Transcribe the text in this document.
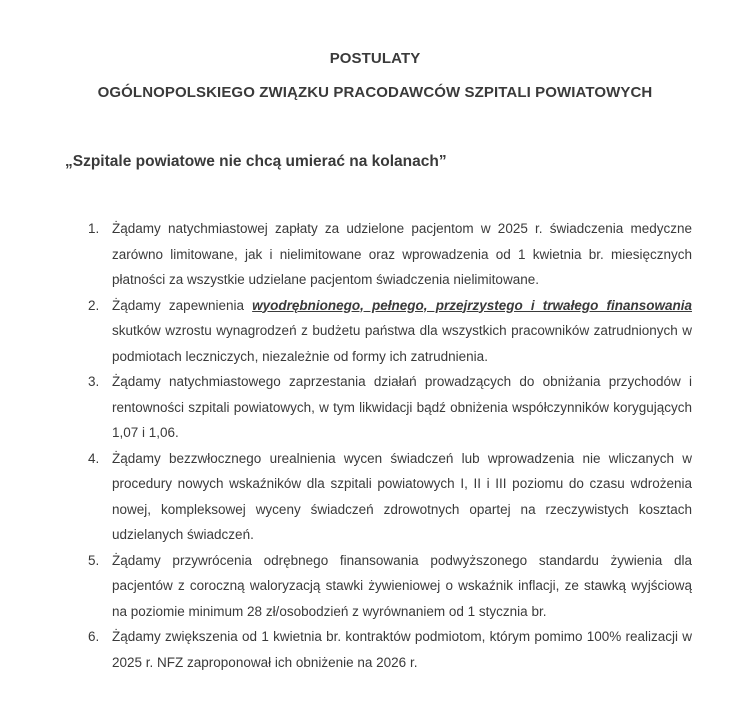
POSTULATY
OGÓLNOPOLSKIEGO ZWIĄZKU PRACODAWCÓW SZPITALI POWIATOWYCH
„Szpitale powiatowe nie chcą umierać na kolanach”
1. Żądamy natychmiastowej zapłaty za udzielone pacjentom w 2025 r. świadczenia medyczne zarówno limitowane, jak i nielimitowane oraz wprowadzenia od 1 kwietnia br. miesięcznych płatności za wszystkie udzielane pacjentom świadczenia nielimitowane.
2. Żądamy zapewnienia wyodrębnionego, pełnego, przejrzystego i trwałego finansowania skutków wzrostu wynagrodzeń z budżetu państwa dla wszystkich pracowników zatrudnionych w podmiotach leczniczych, niezależnie od formy ich zatrudnienia.
3. Żądamy natychmiastowego zaprzestania działań prowadzących do obniżania przychodów i rentowności szpitali powiatowych, w tym likwidacji bądź obniżenia współczynników korygujących 1,07 i 1,06.
4. Żądamy bezzwłocznego urealnienia wycen świadczeń lub wprowadzenia nie wliczanych w procedury nowych wskaźników dla szpitali powiatowych I, II i III poziomu do czasu wdrożenia nowej, kompleksowej wyceny świadczeń zdrowotnych opartej na rzeczywistych kosztach udzielanych świadczeń.
5. Żądamy przywrócenia odrębnego finansowania podwyższonego standardu żywienia dla pacjentów z coroczną waloryzacją stawki żywieniowej o wskaźnik inflacji, ze stawką wyjściową na poziomie minimum 28 zł/osobodzień z wyrównaniem od 1 stycznia br.
6. Żądamy zwiększenia od 1 kwietnia br. kontraktów podmiotom, którym pomimo 100% realizacji w 2025 r. NFZ zaproponował ich obniżenie na 2026 r.
